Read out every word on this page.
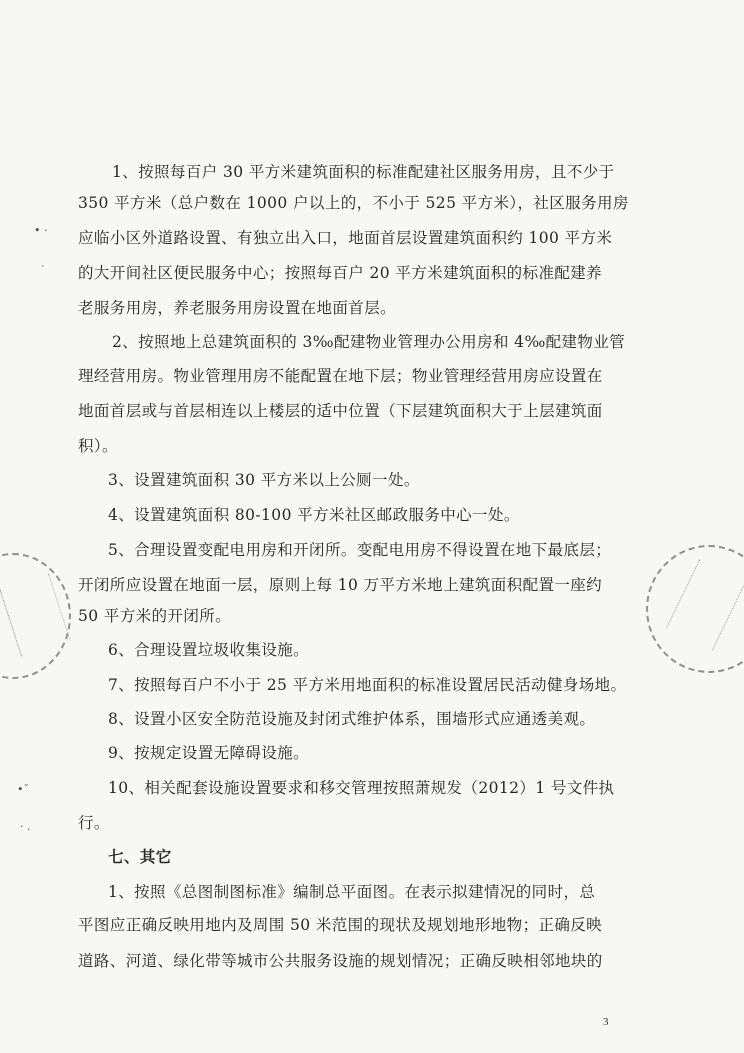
• ·
˙
•ˇ
· .
1、按照每百户 30 平方米建筑面积的标准配建社区服务用房，且不少于
350 平方米（总户数在 1000 户以上的，不小于 525 平方米），社区服务用房
应临小区外道路设置、有独立出入口，地面首层设置建筑面积约 100 平方米
的大开间社区便民服务中心；按照每百户 20 平方米建筑面积的标准配建养
老服务用房，养老服务用房设置在地面首层。
2、按照地上总建筑面积的 3‰配建物业管理办公用房和 4‰配建物业管
理经营用房。物业管理用房不能配置在地下层；物业管理经营用房应设置在
地面首层或与首层相连以上楼层的适中位置（下层建筑面积大于上层建筑面
积）。
3、设置建筑面积 30 平方米以上公厕一处。
4、设置建筑面积 80-100 平方米社区邮政服务中心一处。
5、合理设置变配电用房和开闭所。变配电用房不得设置在地下最底层；
开闭所应设置在地面一层，原则上每 10 万平方米地上建筑面积配置一座约
50 平方米的开闭所。
6、合理设置垃圾收集设施。
7、按照每百户不小于 25 平方米用地面积的标准设置居民活动健身场地。
8、设置小区安全防范设施及封闭式维护体系，围墙形式应通透美观。
9、按规定设置无障碍设施。
10、相关配套设施设置要求和移交管理按照萧规发（2012）1 号文件执
行。
七、其它
1、按照《总图制图标准》编制总平面图。在表示拟建情况的同时，总
平图应正确反映用地内及周围 50 米范围的现状及规划地形地物；正确反映
道路、河道、绿化带等城市公共服务设施的规划情况；正确反映相邻地块的
3
